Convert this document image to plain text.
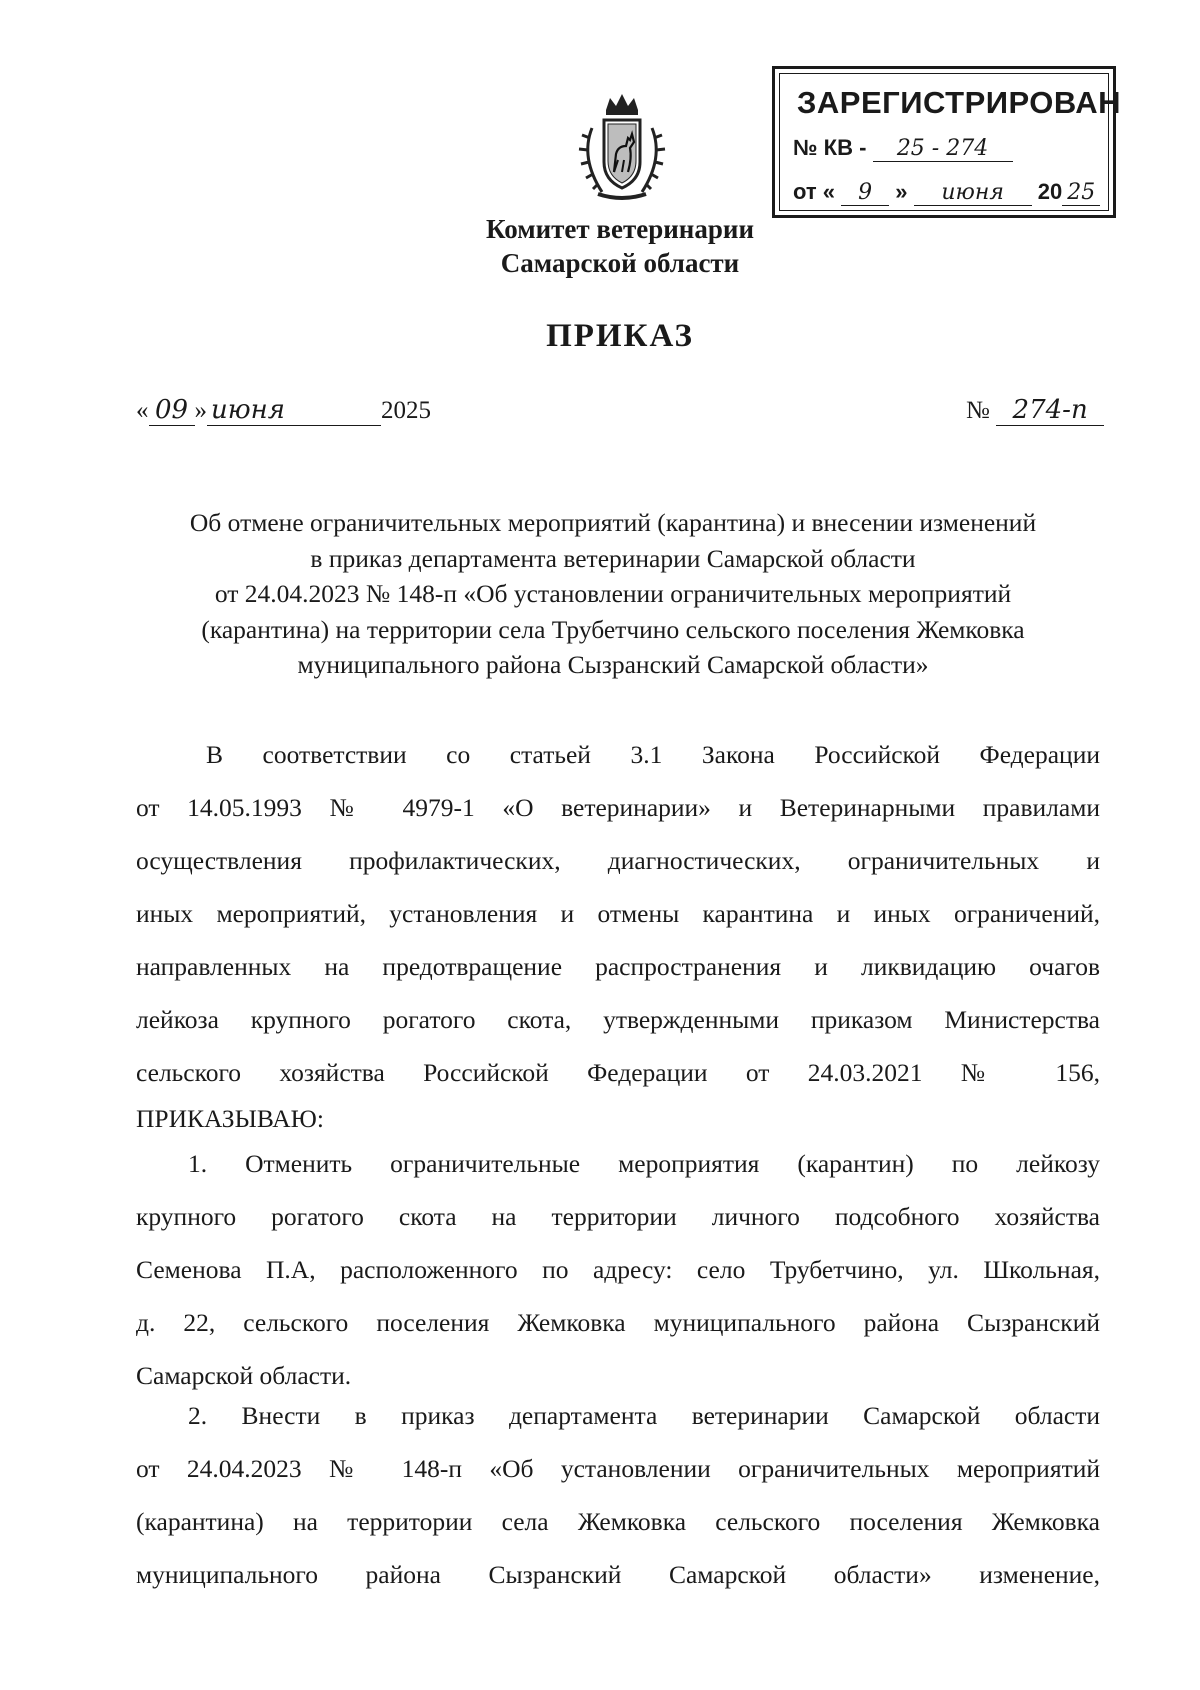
ЗАРЕГИСТРИРОВАН
№ КВ - 25 - 274
от « 9 » июня 20 25
Комитет ветеринарии
Самарской области
ПРИКАЗ
« 09 » июня	2025	№ 274-п
Об отмене ограничительных мероприятий (карантина) и внесении изменений
в приказ департамента ветеринарии Самарской области
от 24.04.2023 № 148-п «Об установлении ограничительных мероприятий
(карантина) на территории села Трубетчино сельского поселения Жемковка
муниципального района Сызранский Самарской области»
В соответствии со статьей 3.1 Закона Российской Федерации
от 14.05.1993 № 4979-1 «О ветеринарии» и Ветеринарными правилами
осуществления профилактических, диагностических, ограничительных и
иных мероприятий, установления и отмены карантина и иных ограничений,
направленных на предотвращение распространения и ликвидацию очагов
лейкоза крупного рогатого скота, утвержденными приказом Министерства
сельского хозяйства Российской Федерации от 24.03.2021 № 156,
ПРИКАЗЫВАЮ:
1. Отменить ограничительные мероприятия (карантин) по лейкозу
крупного рогатого скота на территории личного подсобного хозяйства
Семенова П.А, расположенного по адресу: село Трубетчино, ул. Школьная,
д. 22, сельского поселения Жемковка муниципального района Сызранский
Самарской области.
2. Внести в приказ департамента ветеринарии Самарской области
от 24.04.2023 № 148-п «Об установлении ограничительных мероприятий
(карантина) на территории села Жемковка сельского поселения Жемковка
муниципального района Сызранский Самарской области» изменение,
